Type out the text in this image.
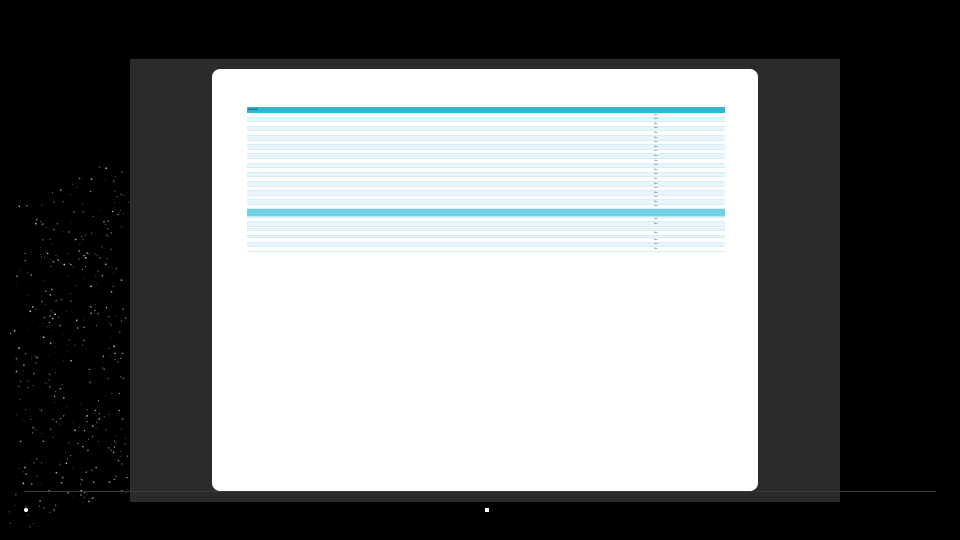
SERVICE				
				Yes
				Yes
				Yes
				Yes
				Yes
				Yes
				Yes
				Yes
				Yes
				Yes
				Yes
				Yes
				Yes
				Yes
				Yes
				Yes
				Yes
				Yes
				Yes
				Yes
				Yes

				Yes
				Yes

				Yes

				Yes
				Yes
				Yes
